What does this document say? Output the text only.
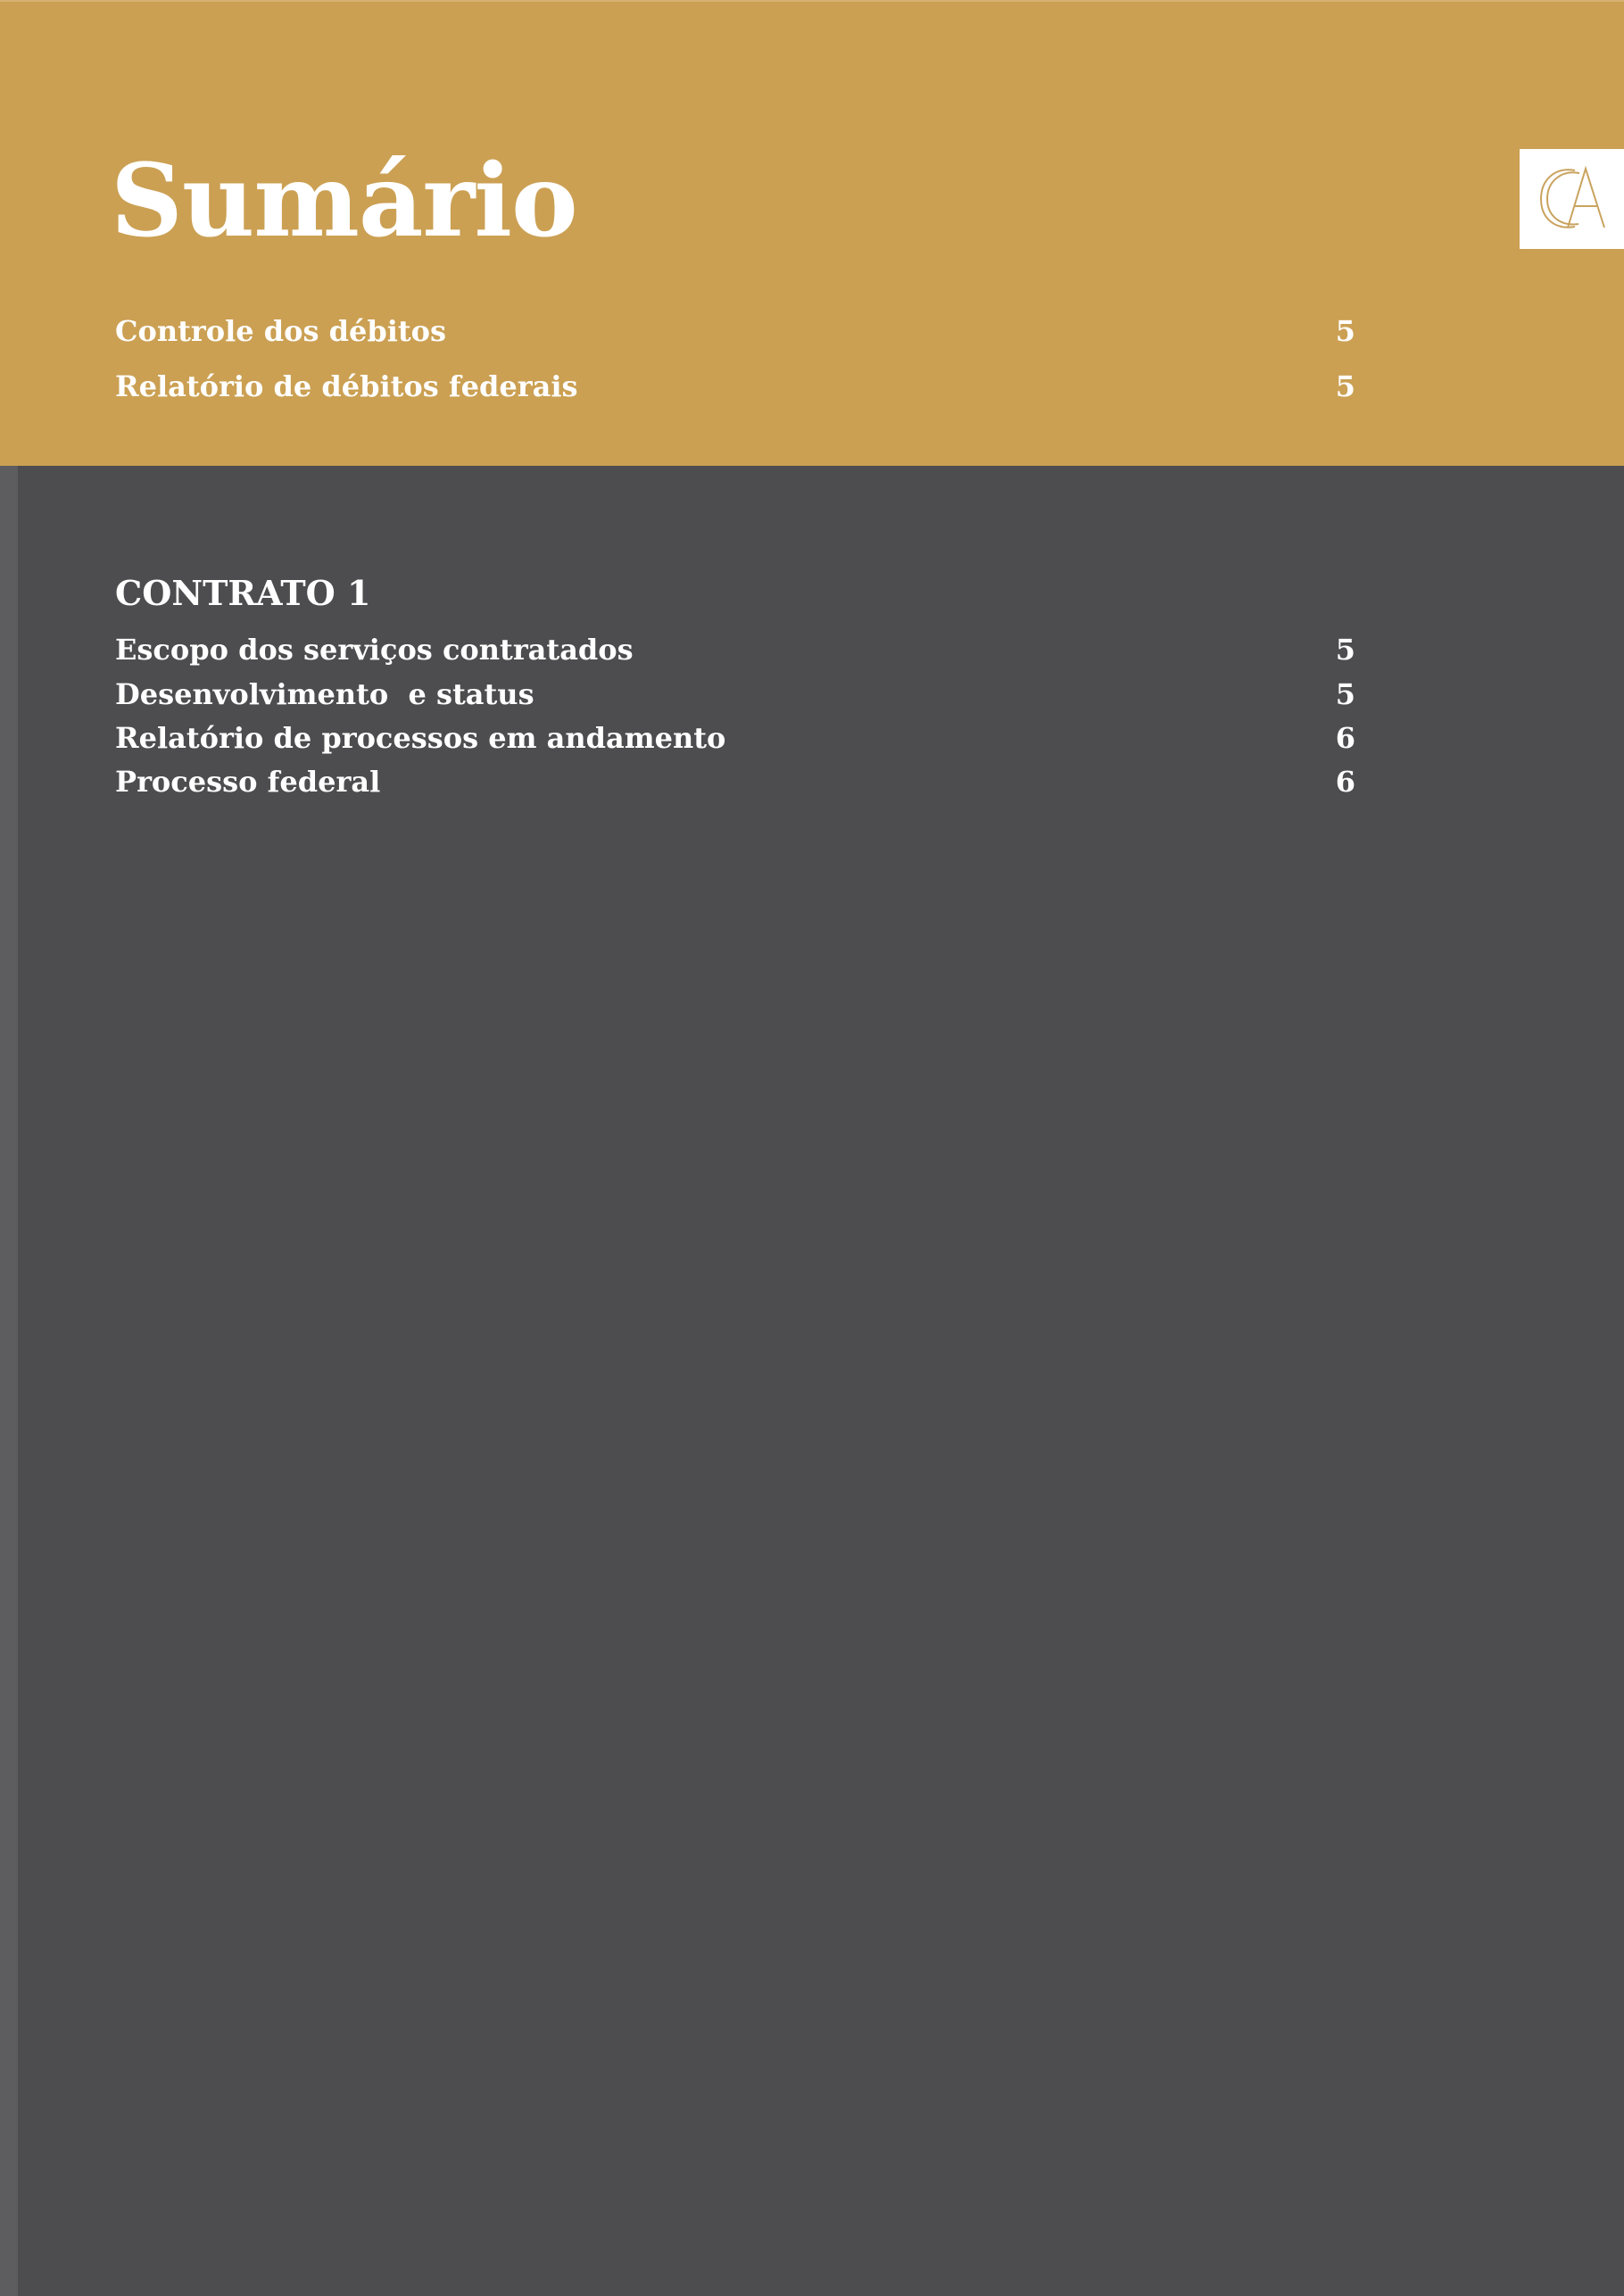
Sumário
Controle dos débitos	5
Relatório de débitos federais	5
CONTRATO 1
Escopo dos serviços contratados	5
Desenvolvimento  e status	5
Relatório de processos em andamento	6
Processo federal	6
